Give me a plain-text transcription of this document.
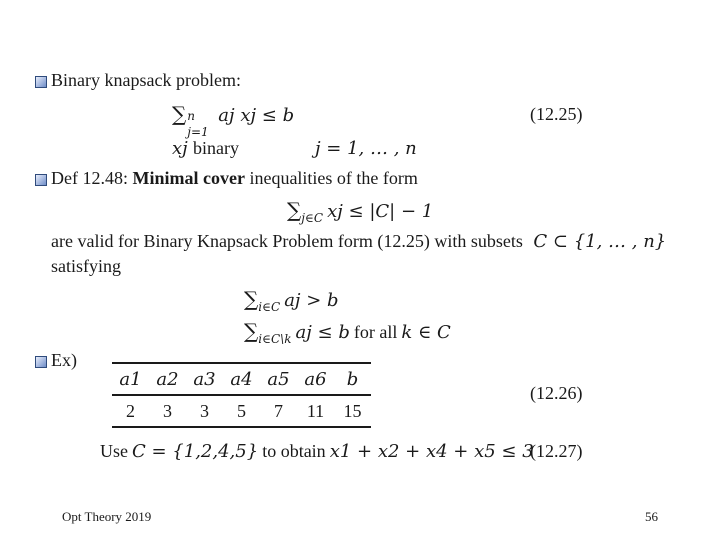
Binary knapsack problem:
∑ n
j=1
aj xj ≤ b	(12.25)
xj binary	j = 1, … , n
Def 12.48: Minimal cover inequalities of the form
$\sum_{j\in C}$ xj ≤ |C| − 1
are valid for Binary Knapsack Problem form (12.25) with subsets C ⊂ {1, … , n}
satisfying
$\sum_{i\in C}$ aj > b
$\sum_{i\in C\backslash k}$ aj ≤ b for all k ∈ C
Ex)
a1	a2	a3	a4	a5	a6	b
2	3	3	5	7	11	15
(12.26)
Use C = {1,2,4,5} to obtain x1 + x2 + x4 + x5 ≤ 3
(12.27)
Opt Theory 2019	56
